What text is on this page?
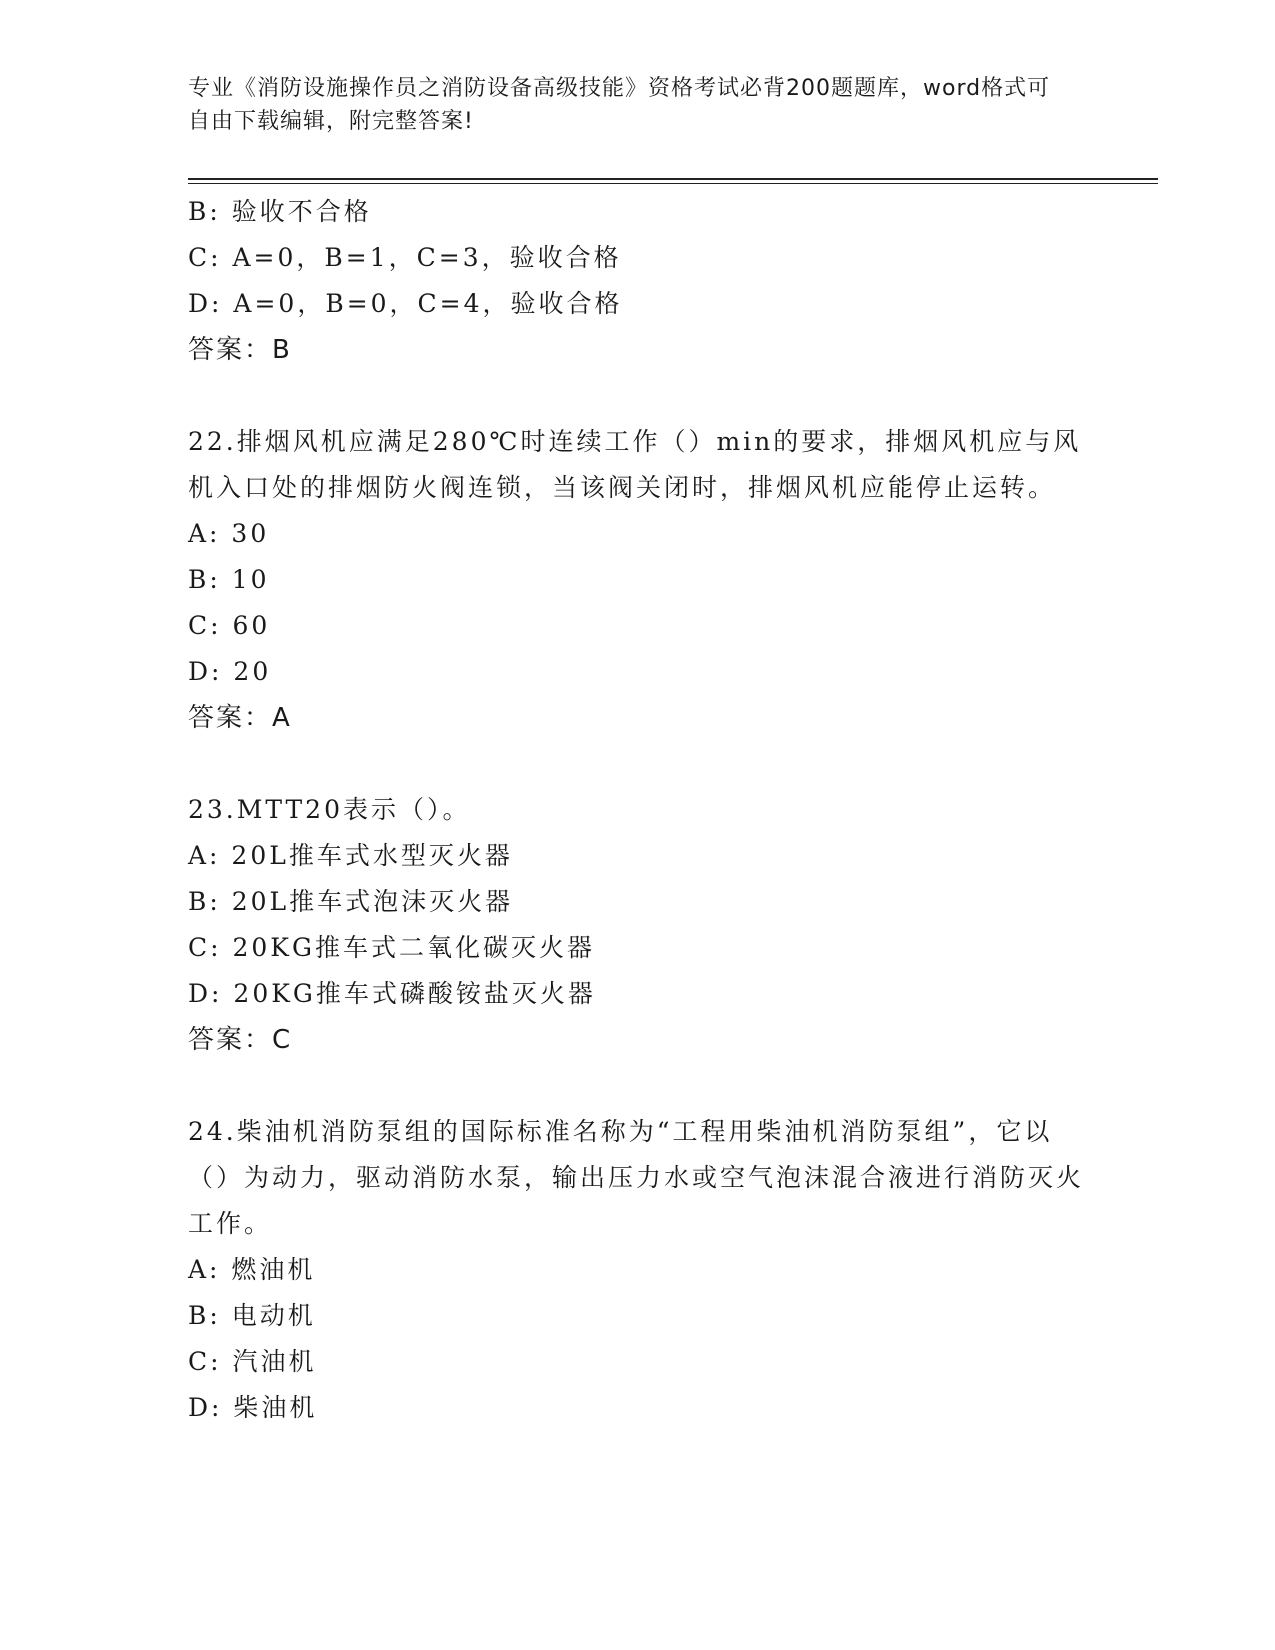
专业《消防设施操作员之消防设备高级技能》资格考试必背200题题库，word格式可自由下载编辑，附完整答案!
B: 验收不合格
C: A=0，B=1，C=3，验收合格
D: A=0，B=0，C=4，验收合格
答案：B
22.排烟风机应满足280℃时连续工作（）min的要求，排烟风机应与风机入口处的排烟防火阀连锁，当该阀关闭时，排烟风机应能停止运转。
A: 30
B: 10
C: 60
D: 20
答案：A
23.MTT20表示（）。
A: 20L推车式水型灭火器
B: 20L推车式泡沫灭火器
C: 20KG推车式二氧化碳灭火器
D: 20KG推车式磷酸铵盐灭火器
答案：C
24.柴油机消防泵组的国际标准名称为“工程用柴油机消防泵组”，它以（）为动力，驱动消防水泵，输出压力水或空气泡沫混合液进行消防灭火工作。
A: 燃油机
B: 电动机
C: 汽油机
D: 柴油机
